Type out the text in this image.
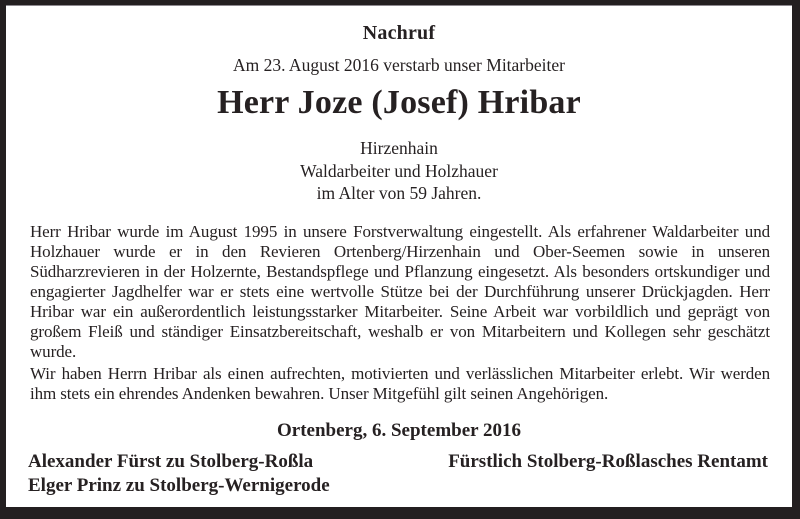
Nachruf
Am 23. August 2016 verstarb unser Mitarbeiter
Herr Joze (Josef) Hribar
Hirzenhain
Waldarbeiter und Holzhauer
im Alter von 59 Jahren.

Herr Hribar wurde im August 1995 in unsere Forstverwaltung eingestellt. Als erfahrener Waldarbeiter und Holzhauer wurde er in den Revieren Ortenberg/Hirzenhain und Ober-Seemen sowie in unseren Südharzrevieren in der Holzernte, Bestandspflege und Pflanzung eingesetzt. Als besonders ortskundiger und engagierter Jagdhelfer war er stets eine wertvolle Stütze bei der Durchführung unserer Drückjagden. Herr Hribar war ein außerordentlich leistungsstarker Mitarbeiter. Seine Arbeit war vorbildlich und geprägt von großem Fleiß und ständiger Einsatzbereitschaft, weshalb er von Mitarbeitern und Kollegen sehr geschätzt wurde.

Wir haben Herrn Hribar als einen aufrechten, motivierten und verlässlichen Mitarbeiter erlebt. Wir werden ihm stets ein ehrendes Andenken bewahren. Unser Mitgefühl gilt seinen Angehörigen.

Ortenberg, 6. September 2016
Alexander Fürst zu Stolberg-Roßla
Elger Prinz zu Stolberg-Wernigerode
Fürstlich Stolberg-Roßlasches Rentamt
